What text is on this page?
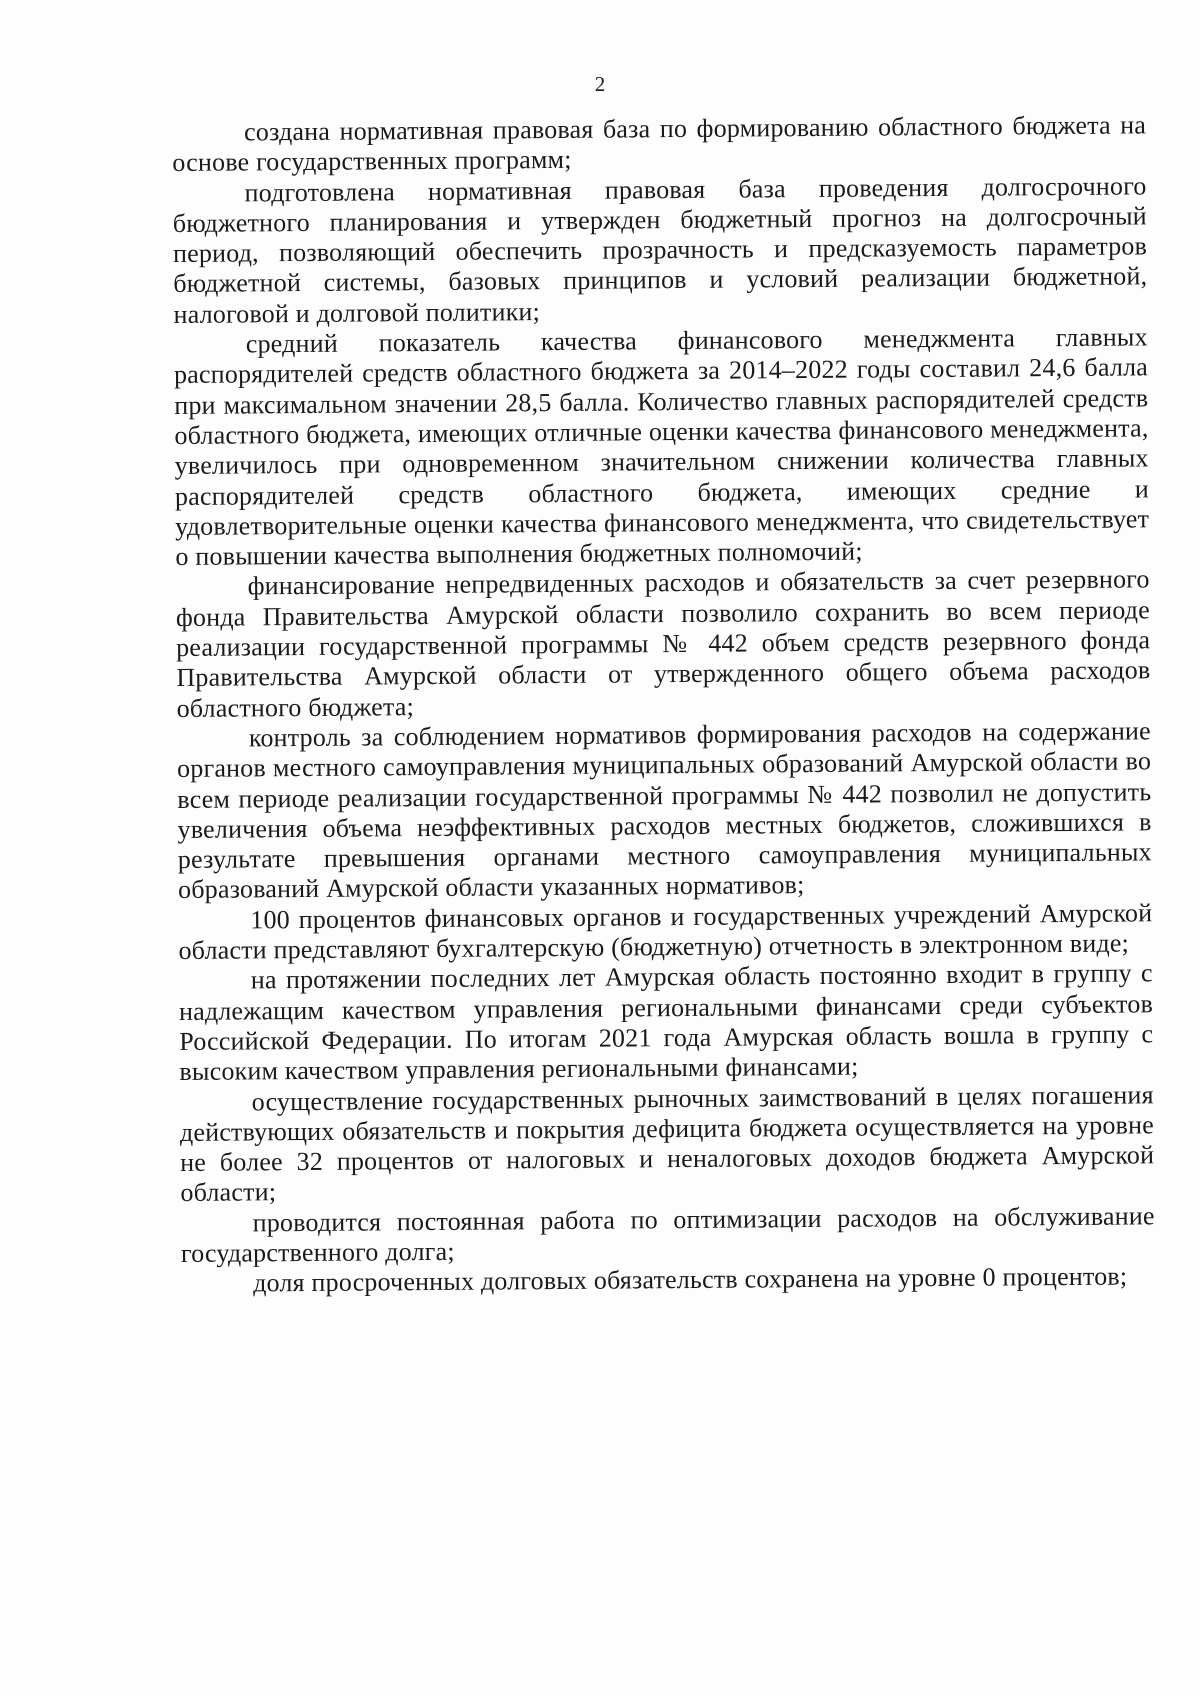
2

создана нормативная правовая база по формированию областного бюджета на основе государственных программ;

подготовлена нормативная правовая база проведения долгосрочного бюджетного планирования и утвержден бюджетный прогноз на долгосрочный период, позволяющий обеспечить прозрачность и предсказуемость параметров бюджетной системы, базовых принципов и условий реализации бюджетной, налоговой и долговой политики;

средний показатель качества финансового менеджмента главных распорядителей средств областного бюджета за 2014–2022 годы составил 24,6 балла при максимальном значении 28,5 балла. Количество главных распорядителей средств областного бюджета, имеющих отличные оценки качества финансового менеджмента, увеличилось при одновременном значительном снижении количества главных распорядителей средств областного бюджета, имеющих средние и удовлетворительные оценки качества финансового менеджмента, что свидетельствует о повышении качества выполнения бюджетных полномочий;

финансирование непредвиденных расходов и обязательств за счет резервного фонда Правительства Амурской области позволило сохранить во всем периоде реализации государственной программы № 442 объем средств резервного фонда Правительства Амурской области от утвержденного общего объема расходов областного бюджета;

контроль за соблюдением нормативов формирования расходов на содержание органов местного самоуправления муниципальных образований Амурской области во всем периоде реализации государственной программы № 442 позволил не допустить увеличения объема неэффективных расходов местных бюджетов, сложившихся в результате превышения органами местного самоуправления муниципальных образований Амурской области указанных нормативов;

100 процентов финансовых органов и государственных учреждений Амурской области представляют бухгалтерскую (бюджетную) отчетность в электронном виде;

на протяжении последних лет Амурская область постоянно входит в группу с надлежащим качеством управления региональными финансами среди субъектов Российской Федерации. По итогам 2021 года Амурская область вошла в группу с высоким качеством управления региональными финансами;

осуществление государственных рыночных заимствований в целях погашения действующих обязательств и покрытия дефицита бюджета осуществляется на уровне не более 32 процентов от налоговых и неналоговых доходов бюджета Амурской области;

проводится постоянная работа по оптимизации расходов на обслуживание государственного долга;

доля просроченных долговых обязательств сохранена на уровне 0 процентов;
